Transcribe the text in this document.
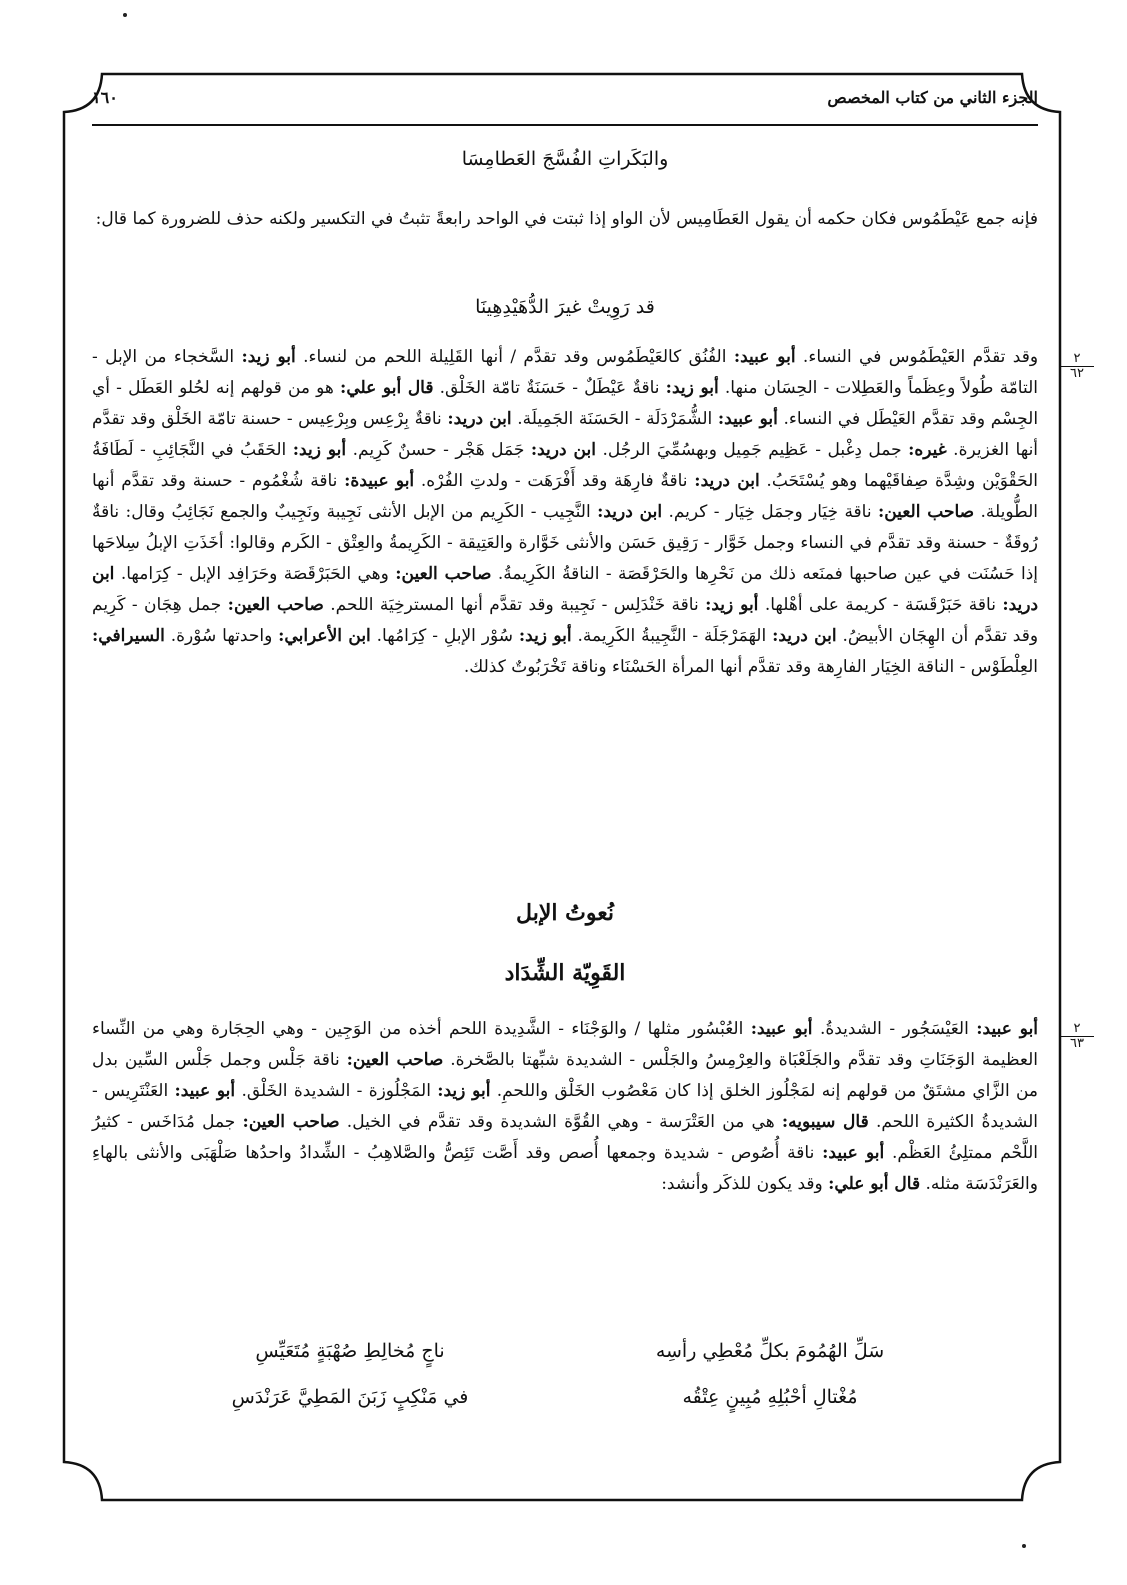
الجزء الثاني من كتاب المخصص
١٦٠
والبَكَراتِ الفُسَّجَ العَطامِسَا
فإنه جمع عَيْطَمُوس فكان حكمه أن يقول العَطَامِيس لأن الواو إذا ثبتت في الواحد رابعةً تثبتُ في التكسير ولكنه حذف للضرورة كما قال:
قد رَوِيتْ غيرَ الدُّهَيْدِهِينَا
٢
٦٢
وقد تقدَّم العَيْطَمُوس في النساء. أبو عبيد: الفُنُق كالعَيْطَمُوس وقد تقدَّم / أنها القَلِيلة اللحم من لنساء. أبو زيد: السَّخجاء من الإبل - التامّة طُولاً وعِظَماً والعَطِلات - الحِسَان منها. أبو زيد: ناقةٌ عَيْطَلٌ - حَسَنَةٌ تامّة الخَلْق. قال أبو علي: هو من قولهم إنه لحُلو العَطَل - أي الجِسْم وقد تقدَّم العَيْطَل في النساء. أبو عبيد: الشُّمَرْدَلَة - الحَسَنَة الجَمِيلَة. ابن دريد: ناقةٌ بِرْعِس وبِرْعِيس - حسنة تامّة الخَلْق وقد تقدَّم أنها الغزيرة. غيره: جمل دِغْبل - عَظِيم جَمِيل وبهسُمِّيَ الرجُل. ابن دريد: جَمَل هَجْر - حسنٌ كَرِيم. أبو زيد: الحَقَبُ في النَّجَائِبِ - لَطَافَةُ الحَقْوَيْن وشِدَّة صِفاقَيْهما وهو يُسْتَحَبُ. ابن دريد: ناقةٌ فارِهَة وقد أَفْرَهَت - ولدتِ الفُرْه. أبو عبيدة: ناقة شُغْمُوم - حسنة وقد تقدَّم أنها الطُّويلة. صاحب العين: ناقة خِيَار وجمَل خِيَار - كريم. ابن دريد: النَّجِيب - الكَرِيم من الإبل الأنثى نَجِيبة ونَجِيبٌ والجمع نَجَائِبُ وقال: ناقةٌ رُوقَةٌ - حسنة وقد تقدَّم في النساء وجمل خَوَّار - رَقِيق حَسَن والأنثى خَوَّارة والعَتِيقة - الكَرِيمةُ والعِتْق - الكَرم وقالوا: أخَذَتِ الإبلُ سِلاحَها إذا حَسُنَت في عين صاحبها فمنَعه ذلك من نَحْرِها والحَرْقَصَة - الناقةُ الكَرِيمةُ. صاحب العين: وهي الحَبَرْقَصَة وحَرَافِد الإبل - كِرَامها. ابن دريد: ناقة حَبَرْقَسَة - كريمة على أهْلها. أبو زيد: ناقة خَنْدَلِس - نَجِيبة وقد تقدَّم أنها المسترخِيَة اللحم. صاحب العين: جمل هِجَان - كَرِيم وقد تقدَّم أن الهِجَان الأبيضُ. ابن دريد: الهَمَرْجَلَة - النَّجِيبةُ الكَرِيمة. أبو زيد: سُوْر الإبلِ - كِرَامُها. ابن الأعرابي: واحدتها سُوْرة. السيرافي: العِلْطَوْس - الناقة الخِيَار الفارِهة وقد تقدَّم أنها المرأة الحَسْنَاء وناقة تَخْرَبُوتٌ كذلك.
نُعوتُ الإبل
القَوِيّة الشِّدَاد
٢
٦٣
أبو عبيد: العَيْسَجُور - الشديدةُ. أبو عبيد: العُبْسُور مثلها / والوَجْنَاء - الشَّدِيدة اللحم أخذه من الوَجِين - وهي الحِجَارة وهي من النِّساء العظيمة الوَجَنَاتِ وقد تقدَّم والجَلَعْبَاة والعِرْمِسُ والجَلْس - الشديدة شبِّهتا بالصَّخرة. صاحب العين: ناقة جَلْس وجمل جَلْس السِّين بدل من الزَّاي مشتَقٌ من قولهم إنه لمَجْلُوز الخلق إذا كان مَعْصُوب الخَلْق واللحمِ. أبو زيد: المَجْلُوزة - الشديدة الخَلْق. أبو عبيد: العَنْتَرِيس - الشديدةُ الكثيرة اللحم. قال سيبويه: هي من العَتْرَسة - وهي القُوَّة الشديدة وقد تقدَّم في الخيل. صاحب العين: جمل مُدَاخَس - كثيرُ اللَّحْم ممتلِئُ العَظْم. أبو عبيد: ناقة أُصُوص - شديدة وجمعها أُصص وقد أَصَّت تَئِصُّ والصَّلاهِبُ - الشِّدادُ واحدُها صَلْهَبَى والأنثى بالهاءِ والعَرَنْدَسَة مثله. قال أبو علي: وقد يكون للذكَر وأنشد:
سَلِّ الهُمُومَ بكلِّ مُعْطِي رأسِه
ناجٍ مُخالِطِ صُهْبَةٍ مُتَعَيِّسِ
مُغْتالِ أحْبُلِهِ مُبِينٍ عِتْقُه
في مَنْكِبٍ زَبَنَ المَطِيَّ عَرَنْدَسِ
